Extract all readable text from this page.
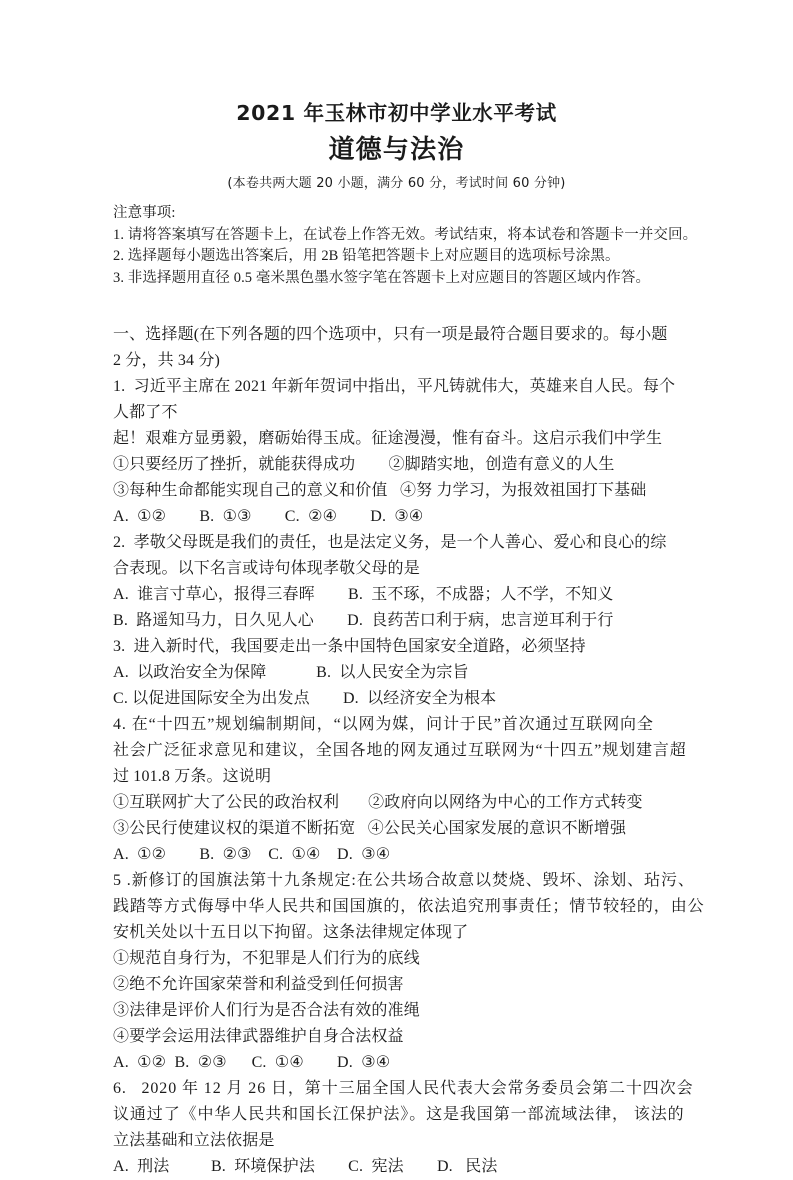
2021 年玉林市初中学业水平考试
道德与法治
(本卷共两大题 20 小题，满分 60 分，考试时间 60 分钟)
注意事项:
1. 请将答案填写在答题卡上，在试卷上作答无效。考试结束，将本试卷和答题卡一并交回。
2. 选择题每小题选出答案后，用 2B 铅笔把答题卡上对应题目的选项标号涂黑。
3. 非选择题用直径 0.5 毫米黑色墨水签字笔在答题卡上对应题目的答题区域内作答。
一、选择题(在下列各题的四个选项中，只有一项是最符合题目要求的。每小题
2 分，共 34 分)
1.  习近平主席在 2021 年新年贺词中指出，平凡铸就伟大，英雄来自人民。每个
人都了不
起！艰难方显勇毅，磨砺始得玉成。征途漫漫，惟有奋斗。这启示我们中学生
①只要经历了挫折，就能获得成功        ②脚踏实地，创造有意义的人生
③每种生命都能实现自己的意义和价值   ④努 力学习，为报效祖国打下基础
A.  ①②        B.  ①③        C.  ②④        D.  ③④
2.  孝敬父母既是我们的责任，也是法定义务，是一个人善心、爱心和良心的综
合表现。以下名言或诗句体现孝敬父母的是
A.  谁言寸草心，报得三春晖        B.  玉不琢，不成器；人不学，不知义
B.  路遥知马力，日久见人心        D.  良药苦口利于病，忠言逆耳利于行
3.  进入新时代，我国要走出一条中国特色国家安全道路，必须坚持
A.  以政治安全为保障            B.  以人民安全为宗旨
C. 以促进国际安全为出发点        D.  以经济安全为根本
4. 在“十四五”规划编制期间，“以网为媒，问计于民”首次通过互联网向全
社会广泛征求意见和建议，全国各地的网友通过互联网为“十四五”规划建言超
过 101.8 万条。这说明
①互联网扩大了公民的政治权利       ②政府向以网络为中心的工作方式转变
③公民行使建议权的渠道不断拓宽   ④公民关心国家发展的意识不断增强
A.  ①②        B.  ②③    C.  ①④    D.  ③④
5 .新修订的国旗法第十九条规定:在公共场合故意以焚烧、毁坏、涂划、玷污、
践踏等方式侮辱中华人民共和国国旗的，依法追究刑事责任；情节较轻的，由公
安机关处以十五日以下拘留。这条法律规定体现了
①规范自身行为，不犯罪是人们行为的底线
②绝不允许国家荣誉和利益受到任何损害
③法律是评价人们行为是否合法有效的准绳
④要学会运用法律武器维护自身合法权益
A.  ①②  B.  ②③      C.  ①④        D.  ③④
6.   2020 年 12 月 26 日，第十三届全国人民代表大会常务委员会第二十四次会
议通过了《中华人民共和国长江保护法》。这是我国第一部流域法律， 该法的
立法基础和立法依据是
A.  刑法          B.  环境保护法        C.  宪法        D.   民法
